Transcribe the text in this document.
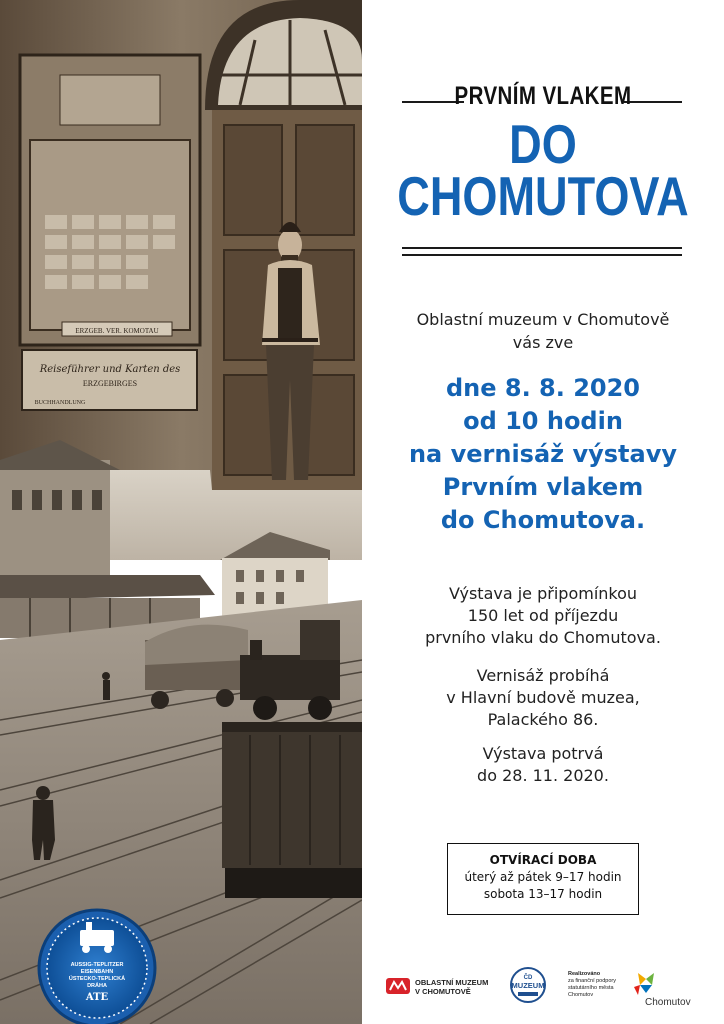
ERZGEB. VER. KOMOTAU
Reiseführer und Karten des
ERZGEBIRGES
BUCHHANDLUNG
AUSSIG-TEPLITZER
EISENBAHN
ÚSTECKO-TEPLICKÁ
DRÁHA
ATE
PRVNÍM VLAKEM
DO
CHOMUTOVA
Oblastní muzeum v Chomutově
vás zve
dne 8. 8. 2020
od 10 hodin
na vernisáž výstavy
Prvním vlakem
do Chomutova.
Výstava je připomínkou
150 let od příjezdu
prvního vlaku do Chomutova.
Vernisáž probíhá
v Hlavní budově muzea,
Palackého 86.
Výstava potrvá
do 28. 11. 2020.
OTVÍRACÍ DOBA
úterý až pátek 9–17 hodin
sobota 13–17 hodin
OBLASTNÍ MUZEUM
V CHOMUTOVĚ
ČD
MUZEUM
Realizováno
za finanční podpory
statutárního města
Chomutov
Chomutov
